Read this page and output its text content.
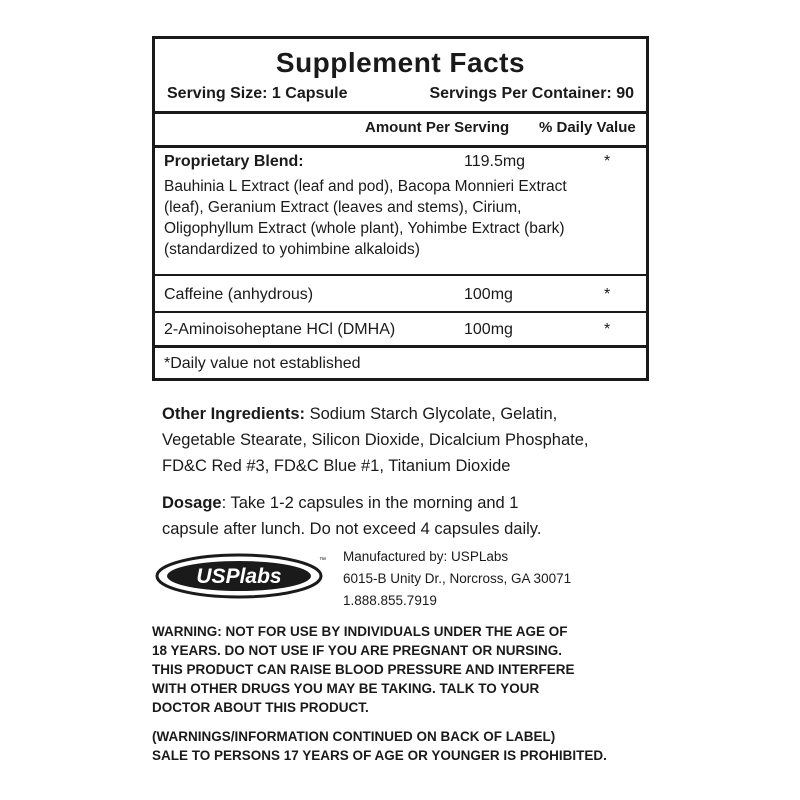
Supplement Facts
Serving Size: 1 Capsule	Servings Per Container: 90
Amount Per Serving % Daily Value
Proprietary Blend:	119.5mg	*
Bauhinia L Extract (leaf and pod), Bacopa Monnieri Extract
(leaf), Geranium Extract (leaves and stems), Cirium,
Oligophyllum Extract (whole plant), Yohimbe Extract (bark)
(standardized to yohimbine alkaloids)
Caffeine (anhydrous)	100mg	*
2-Aminoisoheptane HCl (DMHA)	100mg	*
*Daily value not established
Other Ingredients: Sodium Starch Glycolate, Gelatin,
Vegetable Stearate, Silicon Dioxide, Dicalcium Phosphate,
FD&C Red #3, FD&C Blue #1, Titanium Dioxide
Dosage: Take 1-2 capsules in the morning and 1
capsule after lunch. Do not exceed 4 capsules daily.
USPlabs
™ Manufactured by: USPLabs
6015-B Unity Dr., Norcross, GA 30071
1.888.855.7919
WARNING: NOT FOR USE BY INDIVIDUALS UNDER THE AGE OF
18 YEARS. DO NOT USE IF YOU ARE PREGNANT OR NURSING.
THIS PRODUCT CAN RAISE BLOOD PRESSURE AND INTERFERE
WITH OTHER DRUGS YOU MAY BE TAKING. TALK TO YOUR
DOCTOR ABOUT THIS PRODUCT.
(WARNINGS/INFORMATION CONTINUED ON BACK OF LABEL)
SALE TO PERSONS 17 YEARS OF AGE OR YOUNGER IS PROHIBITED.
